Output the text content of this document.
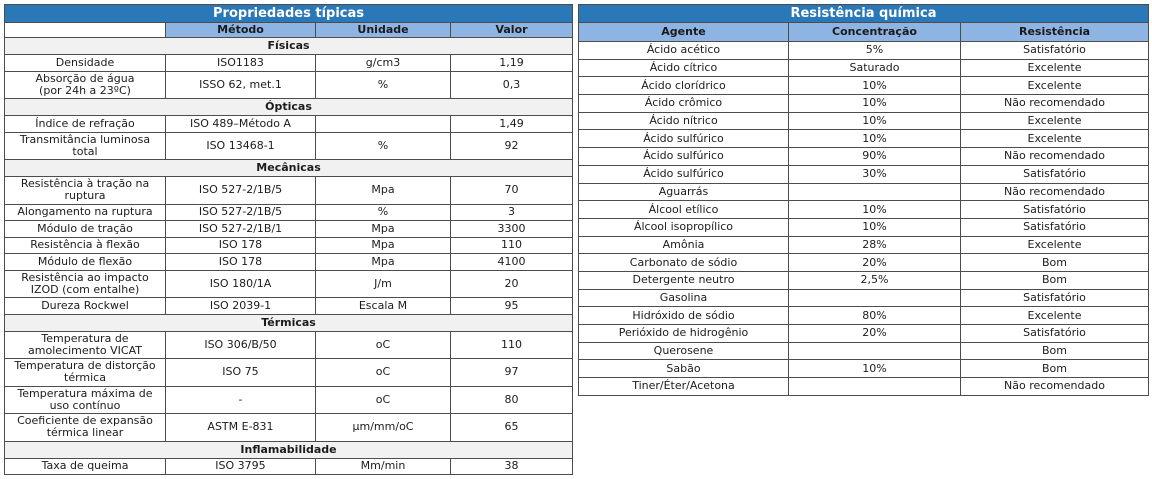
Propriedades típicas			
	Método	Unidade	Valor
Físicas			
Densidade	ISO1183	g/cm3	1,19
Absorção de água
(por 24h a 23ºC)	ISSO 62, met.1	%	0,3
Ópticas			
Índice de refração	ISO 489–Método A		1,49
Transmitância luminosa
total	ISO 13468-1	%	92
Mecânicas			
Resistência à tração na
ruptura	ISO 527-2/1B/5	Mpa	70
Alongamento na ruptura	ISO 527-2/1B/5	%	3
Módulo de tração	ISO 527-2/1B/1	Mpa	3300
Resistência à flexão	ISO 178	Mpa	110
Módulo de flexão	ISO 178	Mpa	4100
Resistência ao impacto
IZOD (com entalhe)	ISO 180/1A	J/m	20
Dureza Rockwel	ISO 2039-1	Escala M	95
Térmicas			
Temperatura de
amolecimento VICAT	ISO 306/B/50	oC	110
Temperatura de distorção
térmica	ISO 75	oC	97
Temperatura máxima de
uso contínuo	-	oC	80
Coeficiente de expansão
térmica linear	ASTM E-831	µm/mm/oC	65
Inflamabilidade			
Taxa de queima	ISO 3795	Mm/min	38
Resistência química		
Agente	Concentração	Resistência
Ácido acético	5%	Satisfatório
Ácido cítrico	Saturado	Excelente
Ácido clorídrico	10%	Excelente
Ácido crômico	10%	Não recomendado
Ácido nítrico	10%	Excelente
Ácido sulfúrico	10%	Excelente
Ácido sulfúrico	90%	Não recomendado
Ácido sulfúrico	30%	Satisfatório
Aguarrás		Não recomendado
Álcool etílico	10%	Satisfatório
Álcool isopropílico	10%	Satisfatório
Amônia	28%	Excelente
Carbonato de sódio	20%	Bom
Detergente neutro	2,5%	Bom
Gasolina		Satisfatório
Hidróxido de sódio	80%	Excelente
Perióxido de hidrogênio	20%	Satisfatório
Querosene		Bom
Sabão	10%	Bom
Tiner/Éter/Acetona		Não recomendado
